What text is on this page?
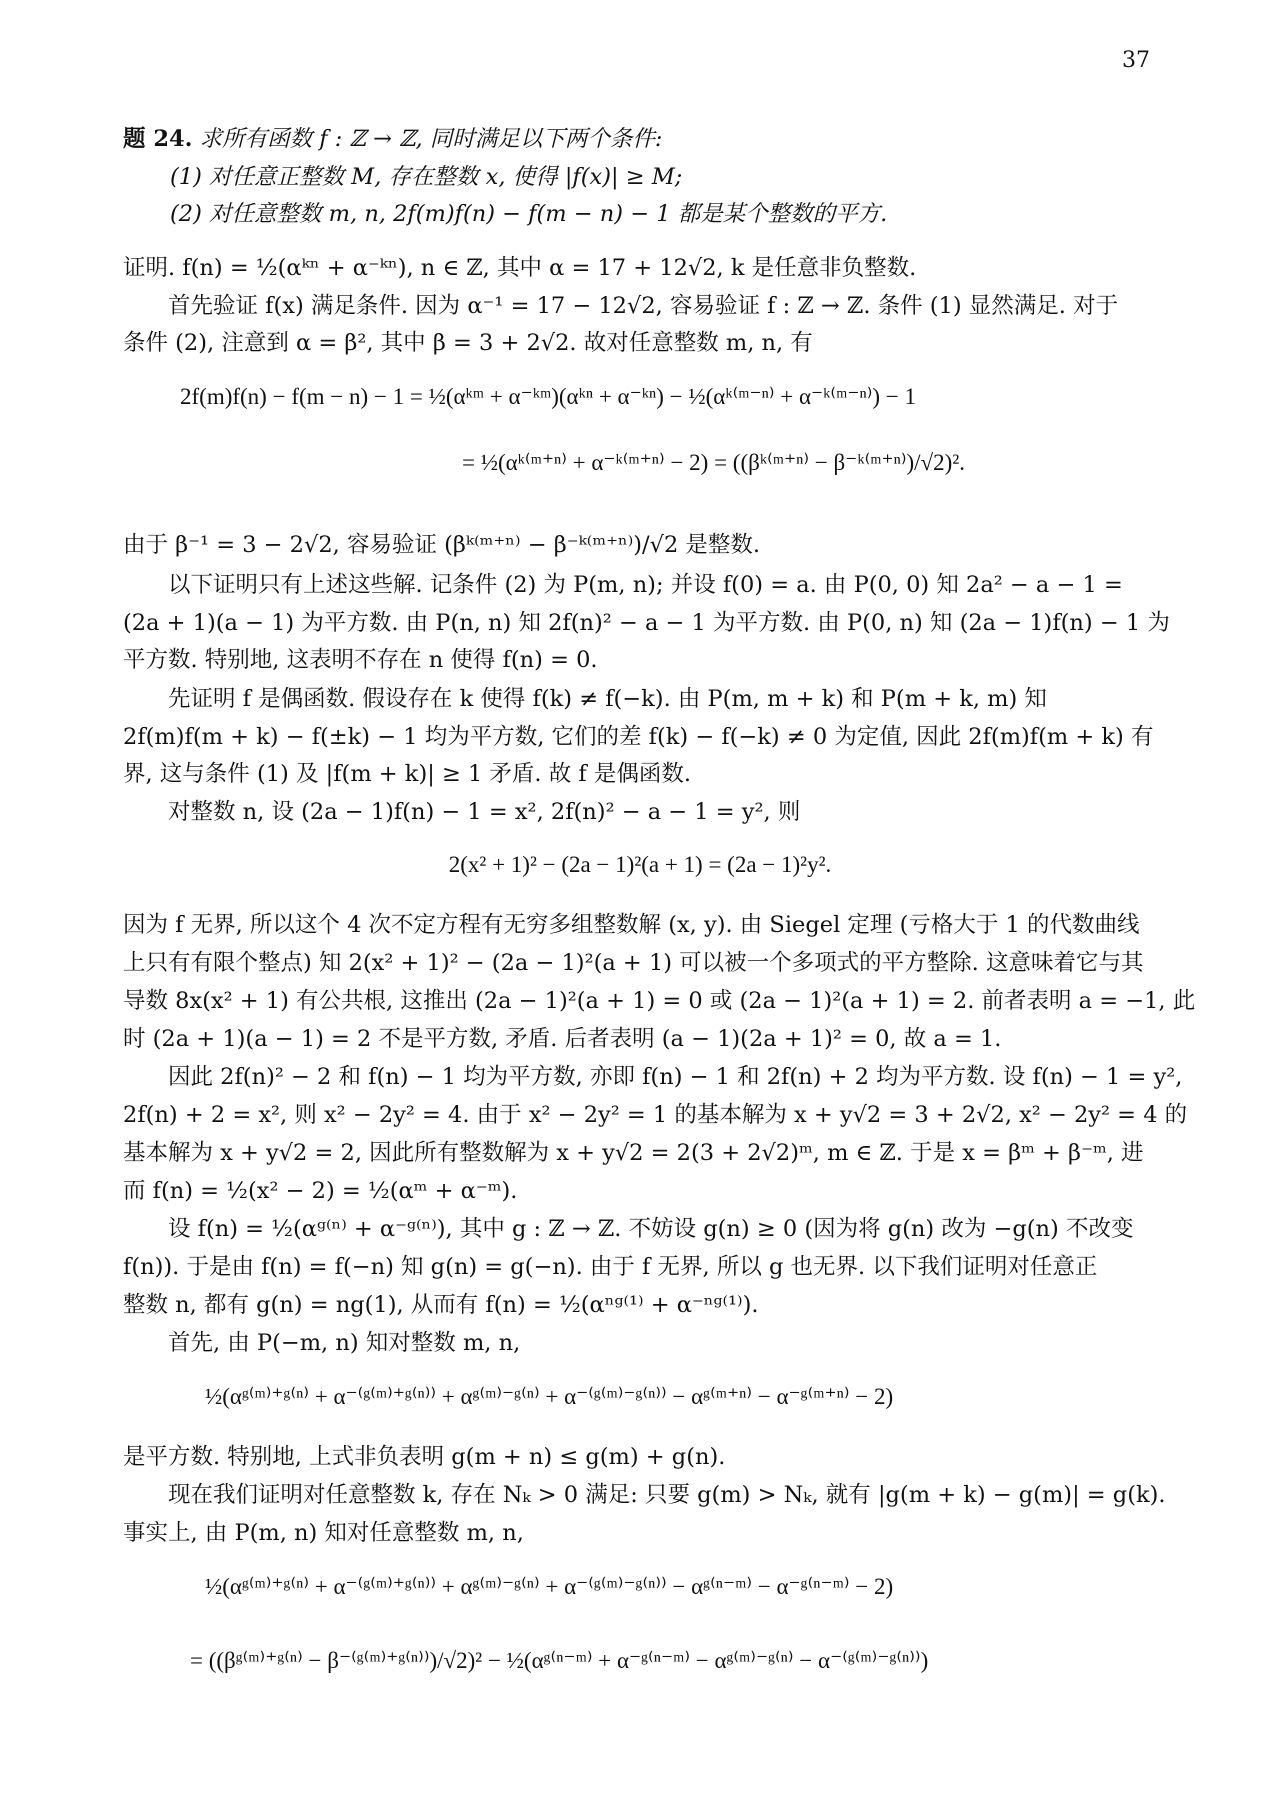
37
题 24. 求所有函数 f : ℤ → ℤ, 同时满足以下两个条件:
(1) 对任意正整数 M, 存在整数 x, 使得 |f(x)| ≥ M;
(2) 对任意整数 m, n, 2f(m)f(n) − f(m − n) − 1 都是某个整数的平方.
证明. f(n) = ½(αᵏⁿ + α⁻ᵏⁿ), n ∈ ℤ, 其中 α = 17 + 12√2, k 是任意非负整数.
首先验证 f(x) 满足条件. 因为 α⁻¹ = 17 − 12√2, 容易验证 f : ℤ → ℤ. 条件 (1) 显然满足. 对于
条件 (2), 注意到 α = β², 其中 β = 3 + 2√2. 故对任意整数 m, n, 有
2f(m)f(n) − f(m − n) − 1 = ½(αᵏᵐ + α⁻ᵏᵐ)(αᵏⁿ + α⁻ᵏⁿ) − ½(αᵏ⁽ᵐ⁻ⁿ⁾ + α⁻ᵏ⁽ᵐ⁻ⁿ⁾) − 1
= ½(αᵏ⁽ᵐ⁺ⁿ⁾ + α⁻ᵏ⁽ᵐ⁺ⁿ⁾ − 2) = ((βᵏ⁽ᵐ⁺ⁿ⁾ − β⁻ᵏ⁽ᵐ⁺ⁿ⁾)/√2)².
由于 β⁻¹ = 3 − 2√2, 容易验证 (βᵏ⁽ᵐ⁺ⁿ⁾ − β⁻ᵏ⁽ᵐ⁺ⁿ⁾)/√2 是整数.
以下证明只有上述这些解. 记条件 (2) 为 P(m, n); 并设 f(0) = a. 由 P(0, 0) 知 2a² − a − 1 =
(2a + 1)(a − 1) 为平方数. 由 P(n, n) 知 2f(n)² − a − 1 为平方数. 由 P(0, n) 知 (2a − 1)f(n) − 1 为
平方数. 特别地, 这表明不存在 n 使得 f(n) = 0.
先证明 f 是偶函数. 假设存在 k 使得 f(k) ≠ f(−k). 由 P(m, m + k) 和 P(m + k, m) 知
2f(m)f(m + k) − f(±k) − 1 均为平方数, 它们的差 f(k) − f(−k) ≠ 0 为定值, 因此 2f(m)f(m + k) 有
界, 这与条件 (1) 及 |f(m + k)| ≥ 1 矛盾. 故 f 是偶函数.
对整数 n, 设 (2a − 1)f(n) − 1 = x², 2f(n)² − a − 1 = y², 则
2(x² + 1)² − (2a − 1)²(a + 1) = (2a − 1)²y².
因为 f 无界, 所以这个 4 次不定方程有无穷多组整数解 (x, y). 由 Siegel 定理 (亏格大于 1 的代数曲线
上只有有限个整点) 知 2(x² + 1)² − (2a − 1)²(a + 1) 可以被一个多项式的平方整除. 这意味着它与其
导数 8x(x² + 1) 有公共根, 这推出 (2a − 1)²(a + 1) = 0 或 (2a − 1)²(a + 1) = 2. 前者表明 a = −1, 此
时 (2a + 1)(a − 1) = 2 不是平方数, 矛盾. 后者表明 (a − 1)(2a + 1)² = 0, 故 a = 1.
因此 2f(n)² − 2 和 f(n) − 1 均为平方数, 亦即 f(n) − 1 和 2f(n) + 2 均为平方数. 设 f(n) − 1 = y²,
2f(n) + 2 = x², 则 x² − 2y² = 4. 由于 x² − 2y² = 1 的基本解为 x + y√2 = 3 + 2√2, x² − 2y² = 4 的
基本解为 x + y√2 = 2, 因此所有整数解为 x + y√2 = 2(3 + 2√2)ᵐ, m ∈ ℤ. 于是 x = βᵐ + β⁻ᵐ, 进
而 f(n) = ½(x² − 2) = ½(αᵐ + α⁻ᵐ).
设 f(n) = ½(αᵍ⁽ⁿ⁾ + α⁻ᵍ⁽ⁿ⁾), 其中 g : ℤ → ℤ. 不妨设 g(n) ≥ 0 (因为将 g(n) 改为 −g(n) 不改变
f(n)). 于是由 f(n) = f(−n) 知 g(n) = g(−n). 由于 f 无界, 所以 g 也无界. 以下我们证明对任意正
整数 n, 都有 g(n) = ng(1), 从而有 f(n) = ½(αⁿᵍ⁽¹⁾ + α⁻ⁿᵍ⁽¹⁾).
首先, 由 P(−m, n) 知对整数 m, n,
½(αᵍ⁽ᵐ⁾⁺ᵍ⁽ⁿ⁾ + α⁻⁽ᵍ⁽ᵐ⁾⁺ᵍ⁽ⁿ⁾⁾ + αᵍ⁽ᵐ⁾⁻ᵍ⁽ⁿ⁾ + α⁻⁽ᵍ⁽ᵐ⁾⁻ᵍ⁽ⁿ⁾⁾ − αᵍ⁽ᵐ⁺ⁿ⁾ − α⁻ᵍ⁽ᵐ⁺ⁿ⁾ − 2)
是平方数. 特别地, 上式非负表明 g(m + n) ≤ g(m) + g(n).
现在我们证明对任意整数 k, 存在 Nₖ > 0 满足: 只要 g(m) > Nₖ, 就有 |g(m + k) − g(m)| = g(k).
事实上, 由 P(m, n) 知对任意整数 m, n,
½(αᵍ⁽ᵐ⁾⁺ᵍ⁽ⁿ⁾ + α⁻⁽ᵍ⁽ᵐ⁾⁺ᵍ⁽ⁿ⁾⁾ + αᵍ⁽ᵐ⁾⁻ᵍ⁽ⁿ⁾ + α⁻⁽ᵍ⁽ᵐ⁾⁻ᵍ⁽ⁿ⁾⁾ − αᵍ⁽ⁿ⁻ᵐ⁾ − α⁻ᵍ⁽ⁿ⁻ᵐ⁾ − 2)
= ((βᵍ⁽ᵐ⁾⁺ᵍ⁽ⁿ⁾ − β⁻⁽ᵍ⁽ᵐ⁾⁺ᵍ⁽ⁿ⁾⁾)/√2)² − ½(αᵍ⁽ⁿ⁻ᵐ⁾ + α⁻ᵍ⁽ⁿ⁻ᵐ⁾ − αᵍ⁽ᵐ⁾⁻ᵍ⁽ⁿ⁾ − α⁻⁽ᵍ⁽ᵐ⁾⁻ᵍ⁽ⁿ⁾⁾)
